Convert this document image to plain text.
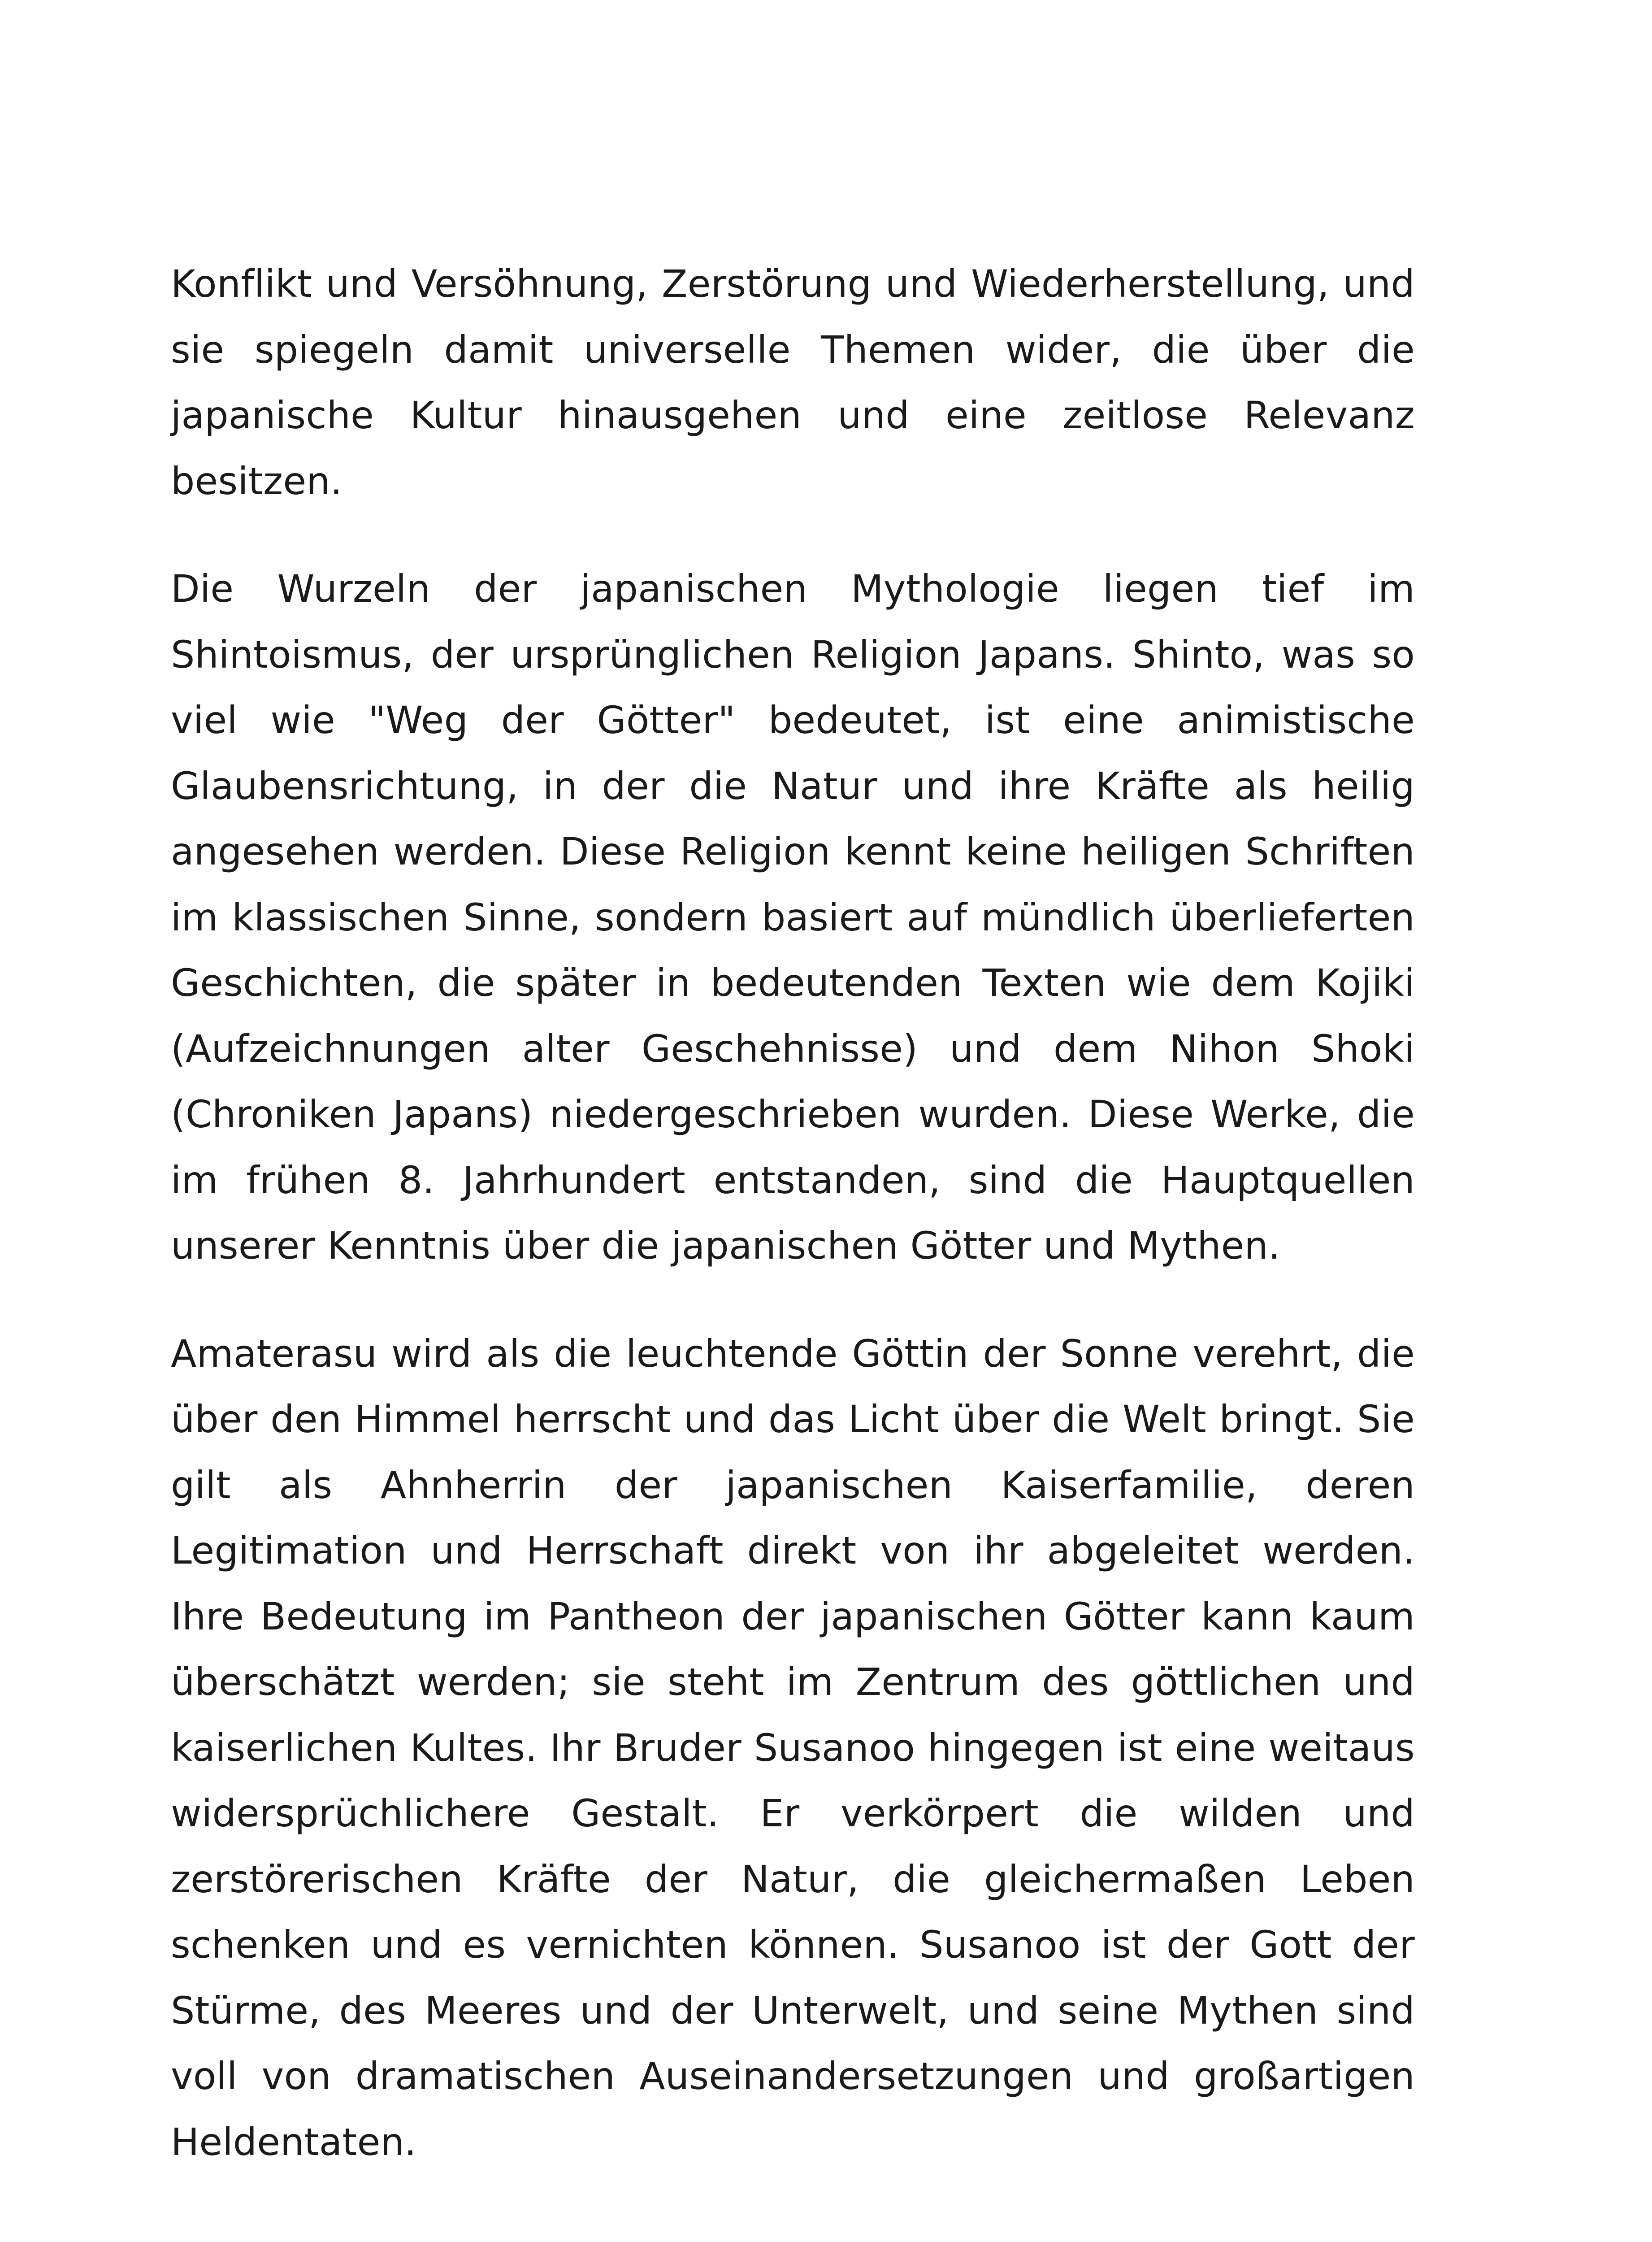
Konflikt und Versöhnung, Zerstörung und Wiederherstellung, und sie spiegeln damit universelle Themen wider, die über die japanische Kultur hinausgehen und eine zeitlose Relevanz besitzen.

Die Wurzeln der japanischen Mythologie liegen tief im Shintoismus, der ursprünglichen Religion Japans. Shinto, was so viel wie "Weg der Götter" bedeutet, ist eine animistische Glaubensrichtung, in der die Natur und ihre Kräfte als heilig angesehen werden. Diese Religion kennt keine heiligen Schriften im klassischen Sinne, sondern basiert auf mündlich überlieferten Geschichten, die später in bedeutenden Texten wie dem Kojiki (Aufzeichnungen alter Geschehnisse) und dem Nihon Shoki (Chroniken Japans) niedergeschrieben wurden. Diese Werke, die im frühen 8. Jahrhundert entstanden, sind die Hauptquellen unserer Kenntnis über die japanischen Götter und Mythen.

Amaterasu wird als die leuchtende Göttin der Sonne verehrt, die über den Himmel herrscht und das Licht über die Welt bringt. Sie gilt als Ahnherrin der japanischen Kaiserfamilie, deren Legitimation und Herrschaft direkt von ihr abgeleitet werden. Ihre Bedeutung im Pantheon der japanischen Götter kann kaum überschätzt werden; sie steht im Zentrum des göttlichen und kaiserlichen Kultes. Ihr Bruder Susanoo hingegen ist eine weitaus widersprüchlichere Gestalt. Er verkörpert die wilden und zerstörerischen Kräfte der Natur, die gleichermaßen Leben schenken und es vernichten können. Susanoo ist der Gott der Stürme, des Meeres und der Unterwelt, und seine Mythen sind voll von dramatischen Auseinandersetzungen und großartigen Heldentaten.
